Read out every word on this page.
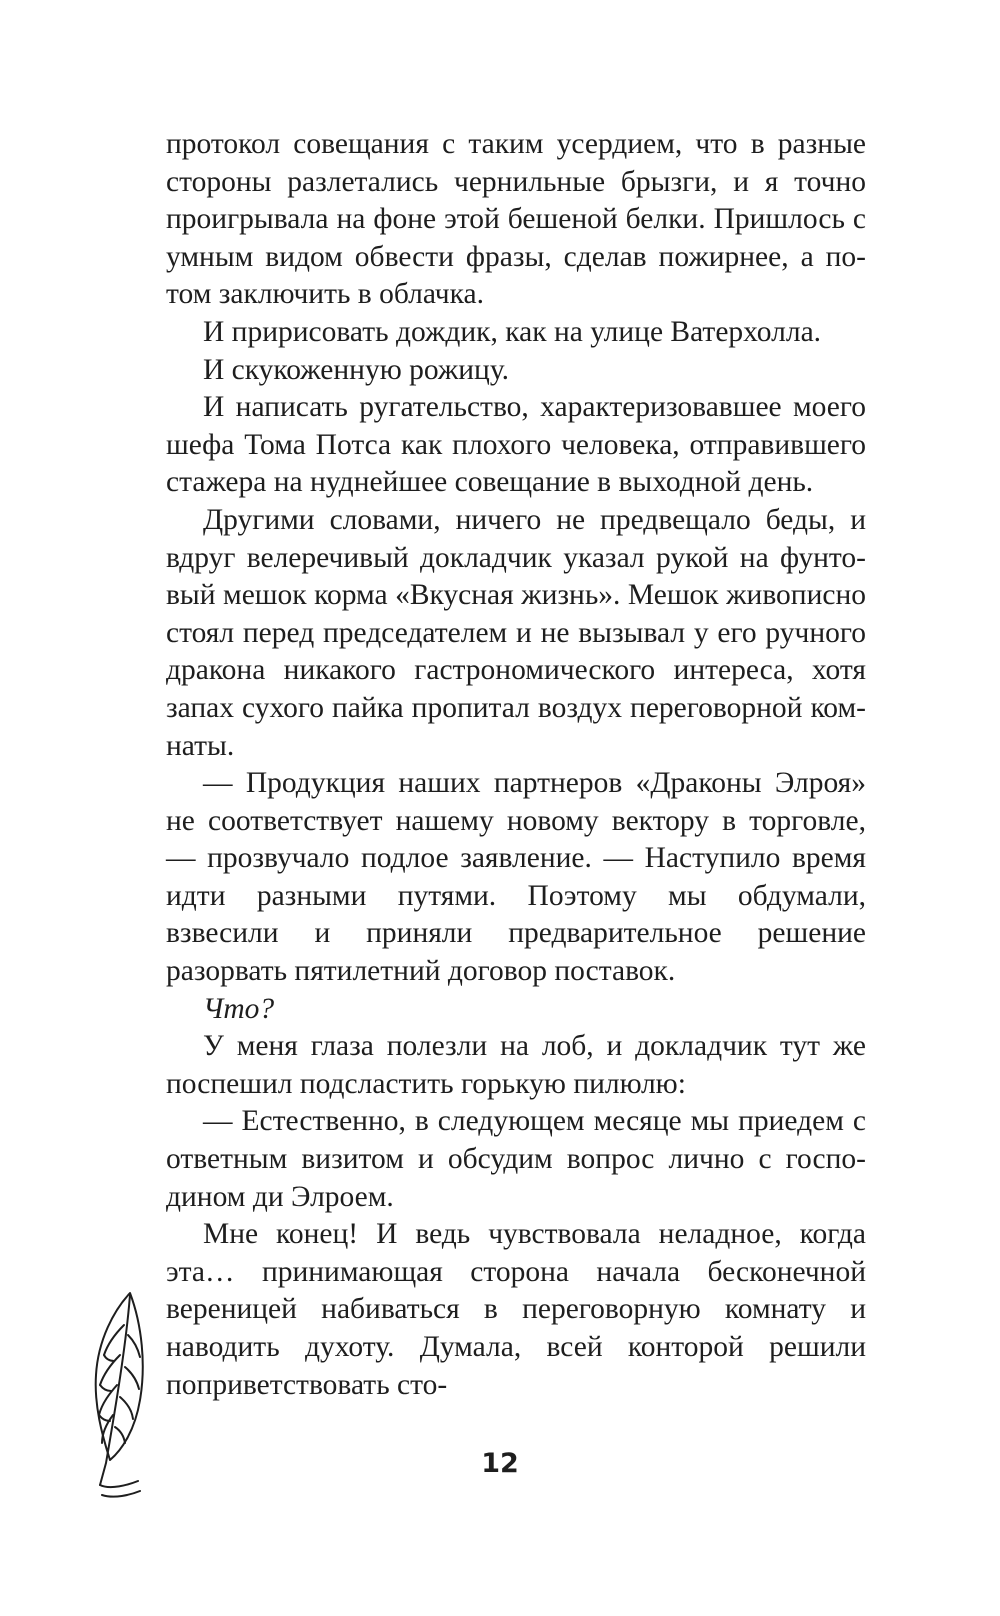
протокол совещания с таким усердием, что в разные стороны разлетались чернильные брызги, и я точно проигрывала на фоне этой бешеной белки. Пришлось с умным видом обвести фразы, сделав пожирнее, а потом заключить в облачка.

И пририсовать дождик, как на улице Ватерхолла.

И скукоженную рожицу.

И написать ругательство, характеризовавшее моего шефа Тома Потса как плохого человека, отправившего стажера на нуднейшее совещание в выходной день.

Другими словами, ничего не предвещало беды, и вдруг велеречивый докладчик указал рукой на фунтовый мешок корма «Вкусная жизнь». Мешок живописно стоял перед председателем и не вызывал у его ручного дракона никакого гастрономического интереса, хотя запах сухого пайка пропитал воздух переговорной комнаты.

— Продукция наших партнеров «Драконы Элроя» не соответствует нашему новому вектору в торговле, — прозвучало подлое заявление. — Наступило время идти разными путями. Поэтому мы обдумали, взвесили и приняли предварительное решение разорвать пятилетний договор поставок.

Что?

У меня глаза полезли на лоб, и докладчик тут же поспешил подсластить горькую пилюлю:

— Естественно, в следующем месяце мы приедем с ответным визитом и обсудим вопрос лично с господином ди Элроем.

Мне конец! И ведь чувствовала неладное, когда эта… принимающая сторона начала бесконечной вереницей набиваться в переговорную комнату и наводить духоту. Думала, всей конторой решили поприветствовать сто-

12
